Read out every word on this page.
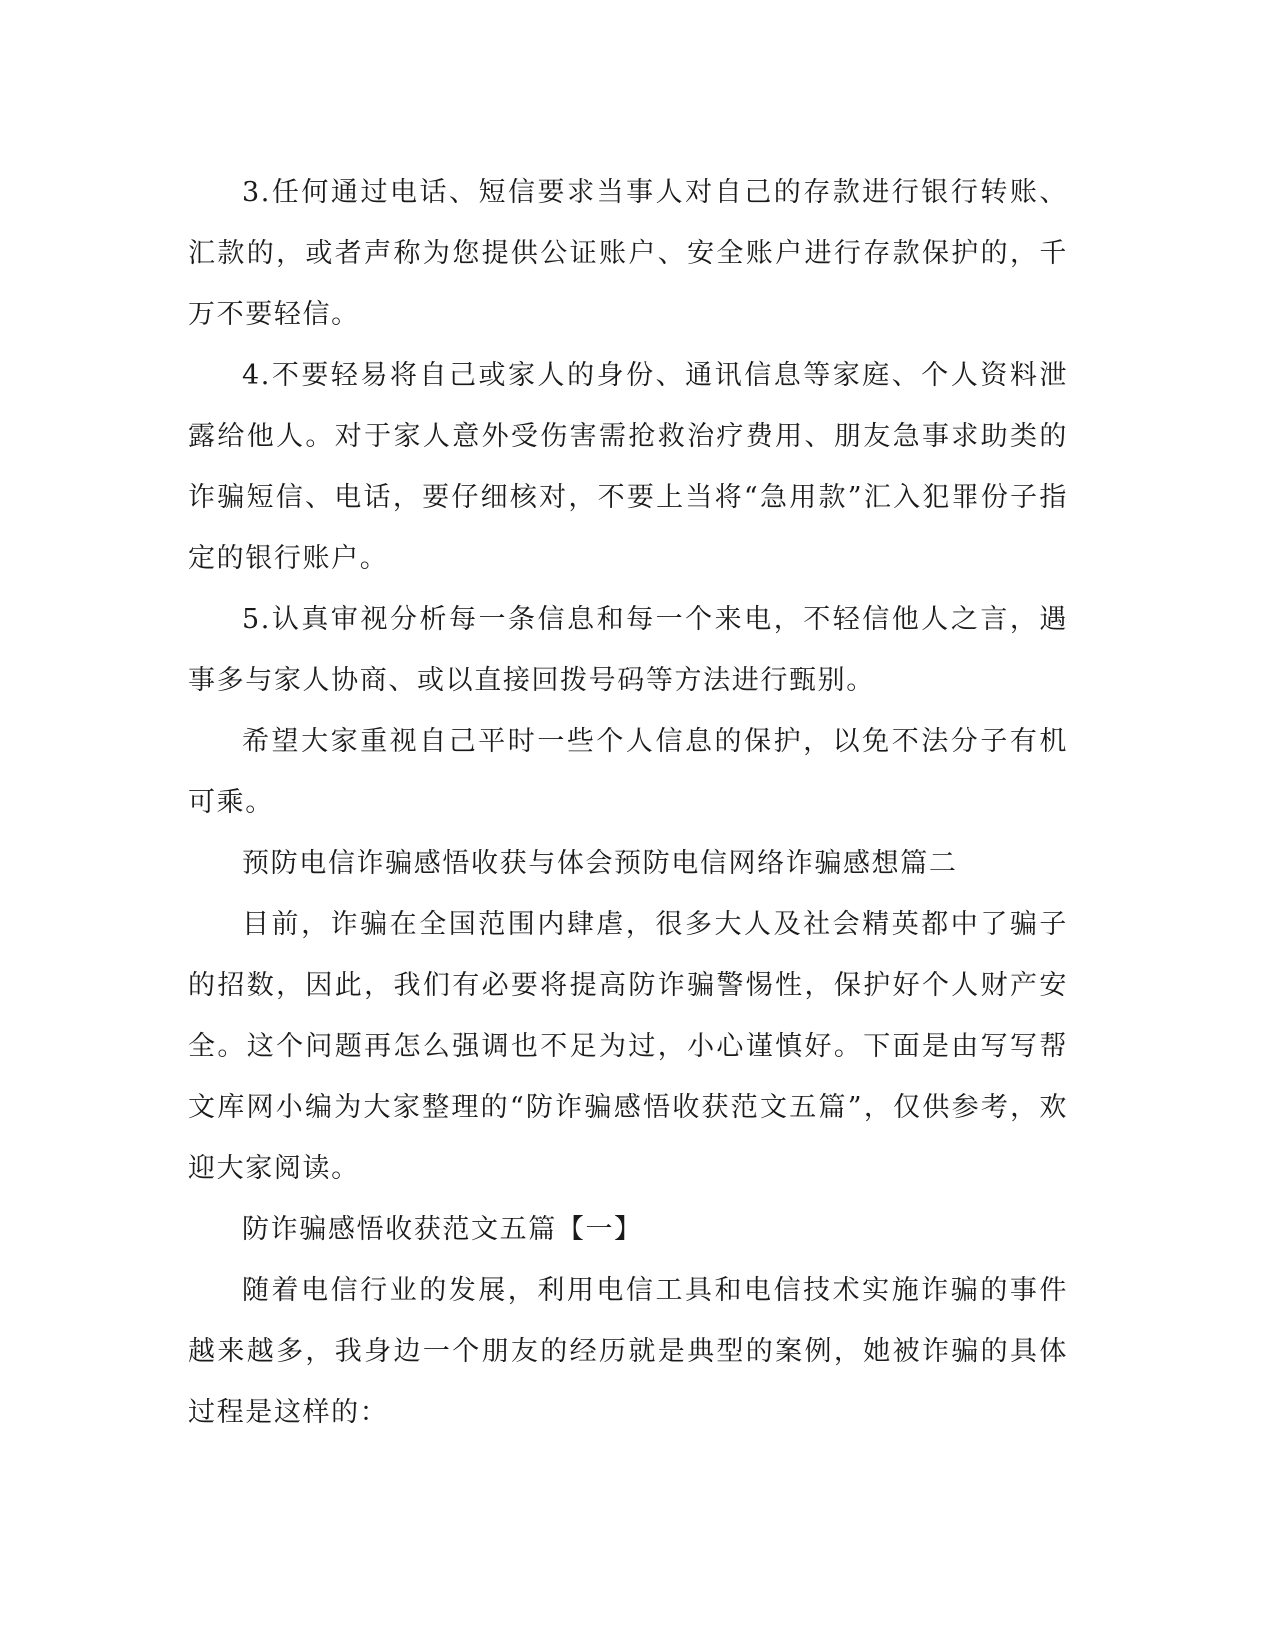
3.任何通过电话、短信要求当事人对自己的存款进行银行转账、汇款的，或者声称为您提供公证账户、安全账户进行存款保护的，千万不要轻信。

4.不要轻易将自己或家人的身份、通讯信息等家庭、个人资料泄露给他人。对于家人意外受伤害需抢救治疗费用、朋友急事求助类的诈骗短信、电话，要仔细核对，不要上当将“急用款”汇入犯罪份子指定的银行账户。

5.认真审视分析每一条信息和每一个来电，不轻信他人之言，遇事多与家人协商、或以直接回拨号码等方法进行甄别。

希望大家重视自己平时一些个人信息的保护，以免不法分子有机可乘。

预防电信诈骗感悟收获与体会预防电信网络诈骗感想篇二

目前，诈骗在全国范围内肆虐，很多大人及社会精英都中了骗子的招数，因此，我们有必要将提高防诈骗警惕性，保护好个人财产安全。这个问题再怎么强调也不足为过，小心谨慎好。下面是由写写帮文库网小编为大家整理的“防诈骗感悟收获范文五篇”，仅供参考，欢迎大家阅读。

防诈骗感悟收获范文五篇【一】

随着电信行业的发展，利用电信工具和电信技术实施诈骗的事件越来越多，我身边一个朋友的经历就是典型的案例，她被诈骗的具体过程是这样的：
